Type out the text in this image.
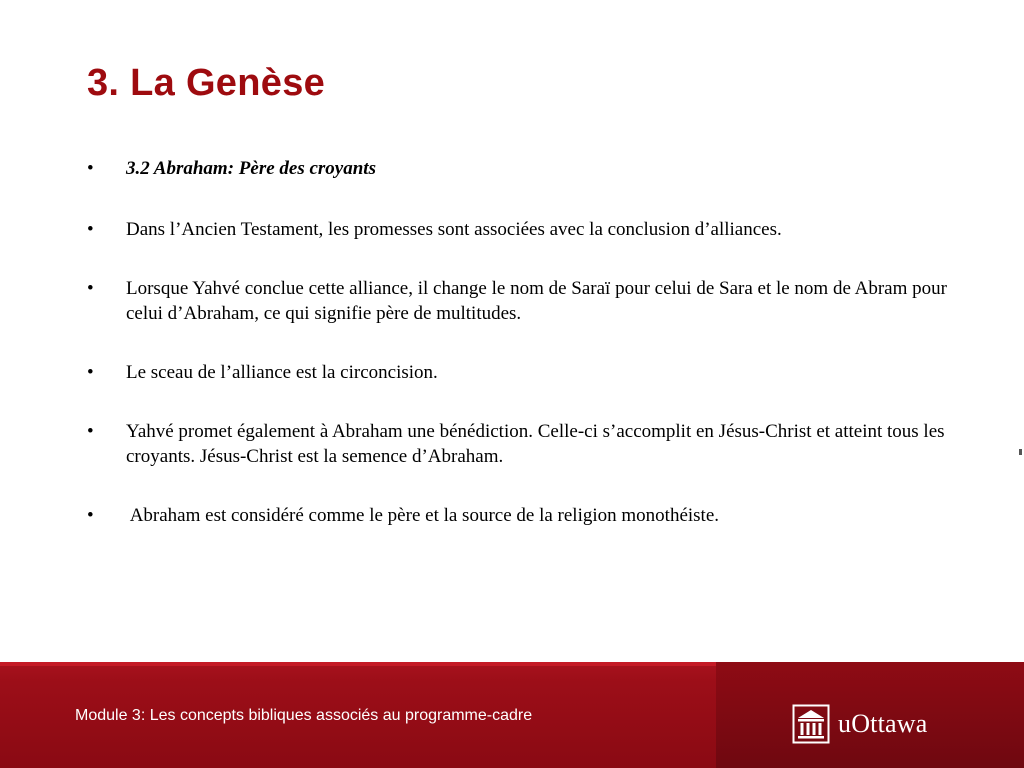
3. La Genèse
• 3.2 Abraham: Père des croyants
• Dans l’Ancien Testament, les promesses sont associées avec la conclusion d’alliances.
• Lorsque Yahvé conclue cette alliance, il change le nom de Saraï pour celui de Sara et le nom de Abram pour celui d’Abraham, ce qui signifie père de multitudes.
• Le sceau de l’alliance est la circoncision.
• Yahvé promet également à Abraham une bénédiction. Celle-ci s’accomplit en Jésus-Christ et atteint tous les croyants. Jésus-Christ est la semence d’Abraham.
• Abraham est considéré comme le père et la source de la religion monothéiste.
Module 3: Les concepts bibliques associés au programme-cadre	uOttawa
